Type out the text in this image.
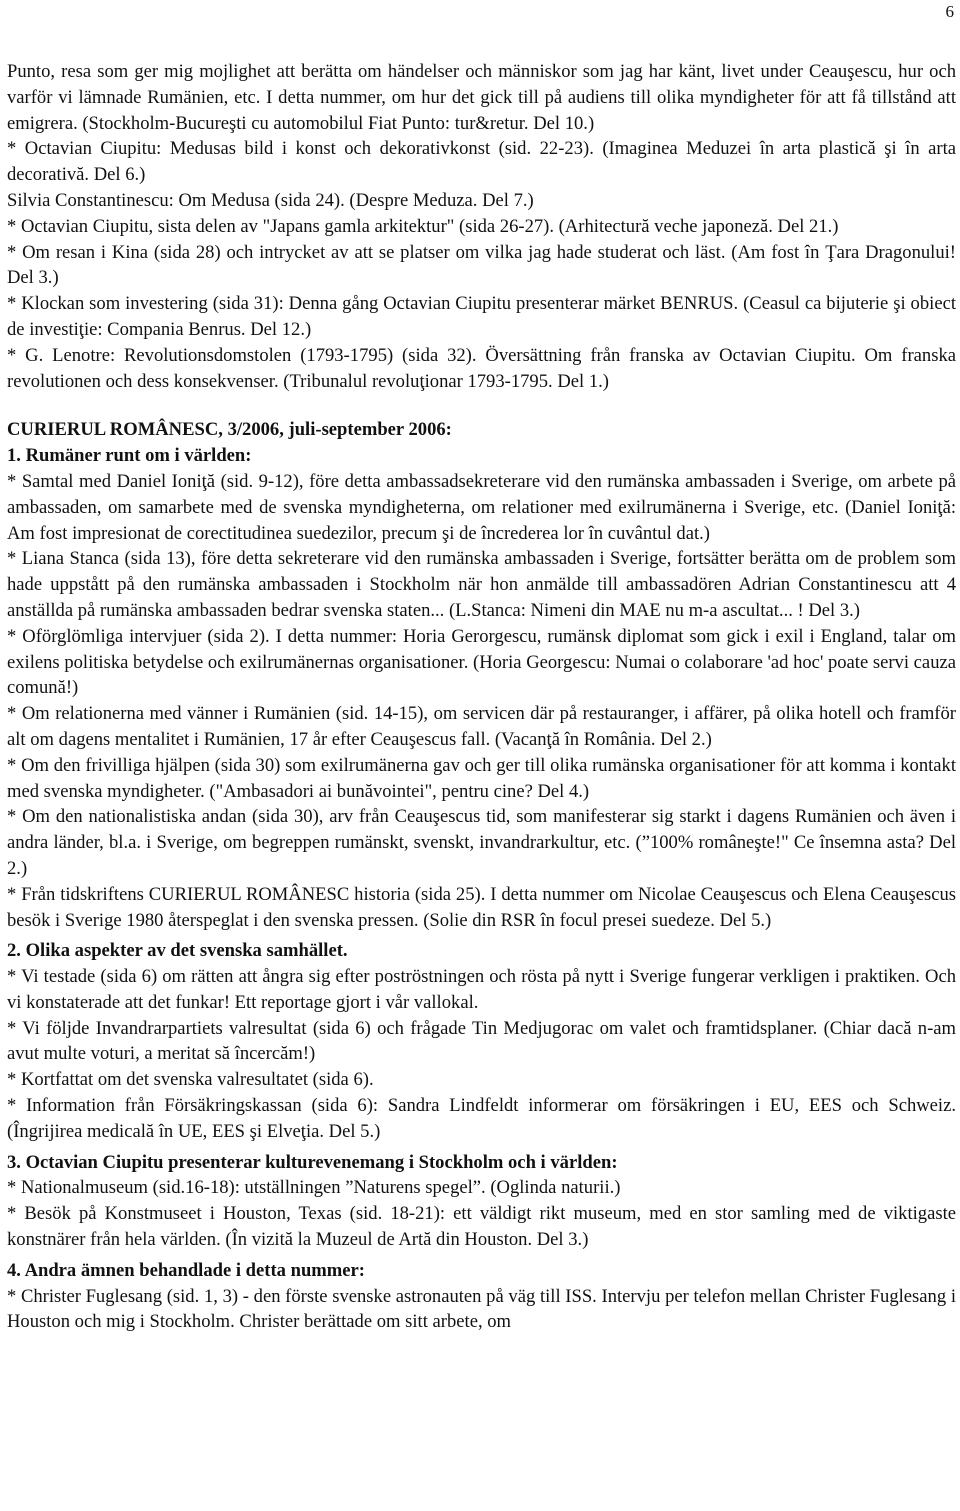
6

Punto, resa som ger mig mojlighet att berätta om händelser och människor som jag har känt, livet under Ceauşescu, hur och varför vi lämnade Rumänien, etc. I detta nummer, om hur det gick till på audiens till olika myndigheter för att få tillstånd att emigrera. (Stockholm-Bucureşti cu automobilul Fiat Punto: tur&retur. Del 10.)

* Octavian Ciupitu: Medusas bild i konst och dekorativkonst (sid. 22-23). (Imaginea Meduzei în arta plastică şi în arta decorativă. Del 6.)

Silvia Constantinescu: Om Medusa (sida 24). (Despre Meduza. Del 7.)

* Octavian Ciupitu, sista delen av "Japans gamla arkitektur" (sida 26-27). (Arhitectură veche japoneză. Del 21.)

* Om resan i Kina (sida 28) och intrycket av att se platser om vilka jag hade studerat och läst. (Am fost în Ţara Dragonului! Del 3.)

* Klockan som investering (sida 31): Denna gång Octavian Ciupitu presenterar märket BENRUS. (Ceasul ca bijuterie şi obiect de investiţie: Compania Benrus. Del 12.)

* G. Lenotre: Revolutionsdomstolen (1793-1795) (sida 32). Översättning från franska av Octavian Ciupitu. Om franska revolutionen och dess konsekvenser. (Tribunalul revoluţionar 1793-1795. Del 1.)

CURIERUL ROMÂNESC, 3/2006, juli-september 2006:

1. Rumäner runt om i världen:

* Samtal med Daniel Ioniţă (sid. 9-12), före detta ambassadsekreterare vid den rumänska ambassaden i Sverige, om arbete på ambassaden, om samarbete med de svenska myndigheterna, om relationer med exilrumänerna i Sverige, etc. (Daniel Ioniţă: Am fost impresionat de corectitudinea suedezilor, precum şi de încrederea lor în cuvântul dat.)

* Liana Stanca (sida 13), före detta sekreterare vid den rumänska ambassaden i Sverige, fortsätter berätta om de problem som hade uppstått på den rumänska ambassaden i Stockholm när hon anmälde till ambassadören Adrian Constantinescu att 4 anställda på rumänska ambassaden bedrar svenska staten... (L.Stanca: Nimeni din MAE nu m-a ascultat... ! Del 3.)

* Oförglömliga intervjuer (sida 2). I detta nummer: Horia Gerorgescu, rumänsk diplomat som gick i exil i England, talar om exilens politiska betydelse och exilrumänernas organisationer. (Horia Georgescu: Numai o colaborare 'ad hoc' poate servi cauza comună!)

* Om relationerna med vänner i Rumänien (sid. 14-15), om servicen där på restauranger, i affärer, på olika hotell och framför alt om dagens mentalitet i Rumänien, 17 år efter Ceauşescus fall. (Vacanţă în România. Del 2.)

* Om den frivilliga hjälpen (sida 30) som exilrumänerna gav och ger till olika rumänska organisationer för att komma i kontakt med svenska myndigheter. ("Ambasadori ai bunăvointei", pentru cine? Del 4.)

* Om den nationalistiska andan (sida 30), arv från Ceauşescus tid, som manifesterar sig starkt i dagens Rumänien och även i andra länder, bl.a. i Sverige, om begreppen rumänskt, svenskt, invandrarkultur, etc. (”100% româneşte!" Ce însemna asta? Del 2.)

* Från tidskriftens CURIERUL ROMÂNESC historia (sida 25). I detta nummer om Nicolae Ceauşescus och Elena Ceauşescus besök i Sverige 1980 återspeglat i den svenska pressen. (Solie din RSR în focul presei suedeze. Del 5.)

2. Olika aspekter av det svenska samhället.

* Vi testade (sida 6) om rätten att ångra sig efter poströstningen och rösta på nytt i Sverige fungerar verkligen i praktiken. Och vi konstaterade att det funkar! Ett reportage gjort i vår vallokal.

* Vi följde Invandrarpartiets valresultat (sida 6) och frågade Tin Medjugorac om valet och framtidsplaner. (Chiar dacă n-am avut multe voturi, a meritat să încercăm!)

* Kortfattat om det svenska valresultatet (sida 6).

* Information från Försäkringskassan (sida 6): Sandra Lindfeldt informerar om försäkringen i EU, EES och Schweiz. (Îngrijirea medicală în UE, EES şi Elveţia. Del 5.)

3. Octavian Ciupitu presenterar kulturevenemang i Stockholm och i världen:

* Nationalmuseum (sid.16-18): utställningen ”Naturens spegel”. (Oglinda naturii.)

* Besök på Konstmuseet i Houston, Texas (sid. 18-21): ett väldigt rikt museum, med en stor samling med de viktigaste konstnärer från hela världen. (În vizită la Muzeul de Artă din Houston. Del 3.)

4. Andra ämnen behandlade i detta nummer:

* Christer Fuglesang (sid. 1, 3) - den förste svenske astronauten på väg till ISS. Intervju per telefon mellan Christer Fuglesang i Houston och mig i Stockholm. Christer berättade om sitt arbete, om
